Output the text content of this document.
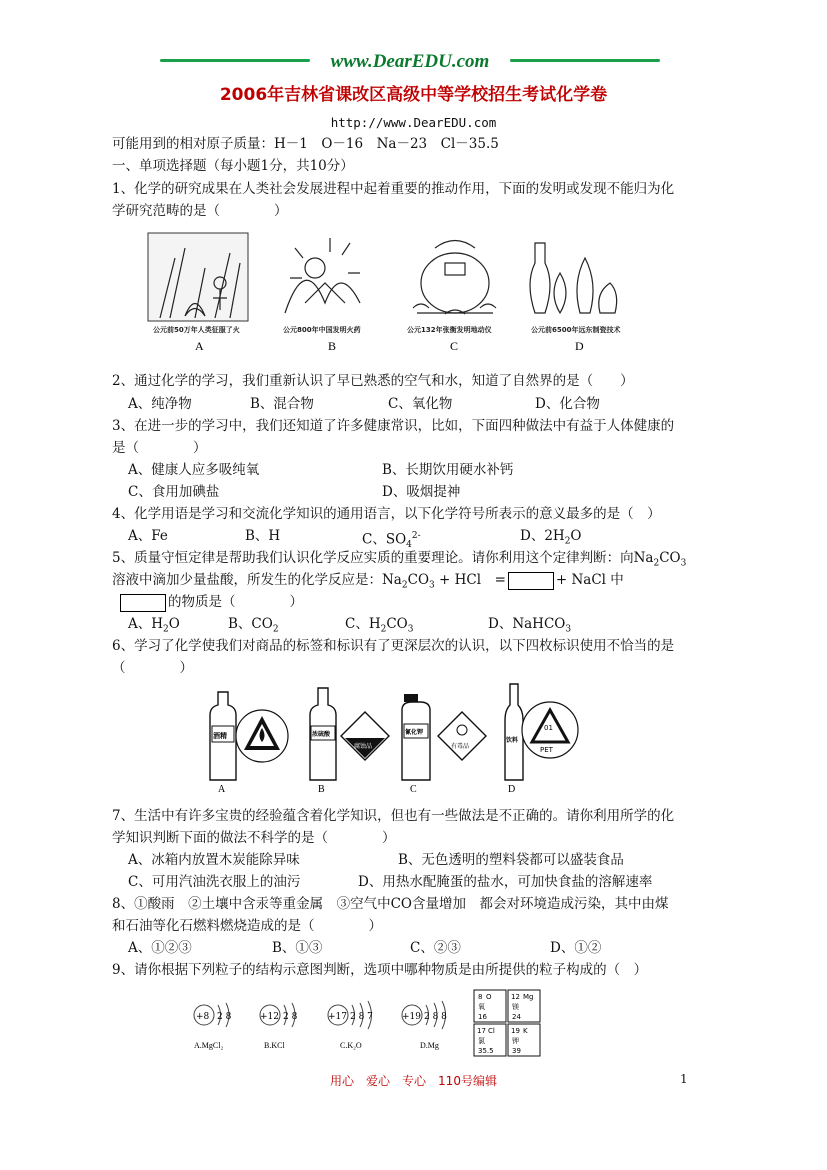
www.DearEDU.com
2006年吉林省课改区高级中等学校招生考试化学卷
http://www.DearEDU.com
可能用到的相对原子质量：H－1　O－16　Na－23　Cl－35.5
一、单项选择题（每小题1分，共10分）
1、化学的研究成果在人类社会发展进程中起着重要的推动作用，下面的发明或发现不能归为化
学研究范畴的是（　　　　）
公元前50万年人类征服了火	公元800年中国发明火药	公元132年张衡发明地动仪	公元前6500年远东制瓷技术
A	B	C	D
2、通过化学的学习，我们重新认识了早已熟悉的空气和水，知道了自然界的是（　　）
A、纯净物	B、混合物	C、氧化物	D、化合物
3、在进一步的学习中，我们还知道了许多健康常识，比如，下面四种做法中有益于人体健康的
是（　　　　）
A、健康人应多吸纯氧	B、长期饮用硬水补钙
C、食用加碘盐	D、吸烟提神
4、化学用语是学习和交流化学知识的通用语言，以下化学符号所表示的意义最多的是（　）
A、Fe	B、H	C、$SO_4^{2-}$	D、$2H_2O$
5、质量守恒定律是帮助我们认识化学反应实质的重要理论。请你利用这个定律判断：向$Na_2CO_3$
溶液中滴加少量盐酸，所发生的化学反应是：$Na_2CO_3$ + HCl　=	+ NaCl 中
的物质是（　　　　）
A、$H_2O$	B、$CO_2$	C、$H_2CO_3$	D、NaHCO$_3$
6、学习了化学使我们对商品的标签和标识有了更深层次的认识，以下四枚标识使用不恰当的是
（　　　　）
酒精
A
浓硫酸
腐蚀品
B
氰化钾
有毒品
C
饮料
01
PET
D
7、生活中有许多宝贵的经验蕴含着化学知识，但也有一些做法是不正确的。请你利用所学的化
学知识判断下面的做法不科学的是（　　　　）
A、冰箱内放置木炭能除异味	B、无色透明的塑料袋都可以盛装食品
C、可用汽油洗衣服上的油污	D、用热水配腌蛋的盐水，可加快食盐的溶解速率
8、①酸雨　②土壤中含汞等重金属　③空气中CO含量增加　都会对环境造成污染，其中由煤
和石油等化石燃料燃烧造成的是（　　　　）
A、①②③	B、①③	C、②③	D、①②
9、请你根据下列粒子的结构示意图判断，选项中哪种物质是由所提供的粒子构成的（　）
+8 2 8
A.MgCl₂
+12 2 8
B.KCl
+17 2 8 7
C.K₂O
+19 2 8 8
D.Mg
8 O
氧
16
12 Mg
镁
24
17 Cl
氯
35.5
19 K
钾
39
用心　爱心　专心　110号编辑	1
